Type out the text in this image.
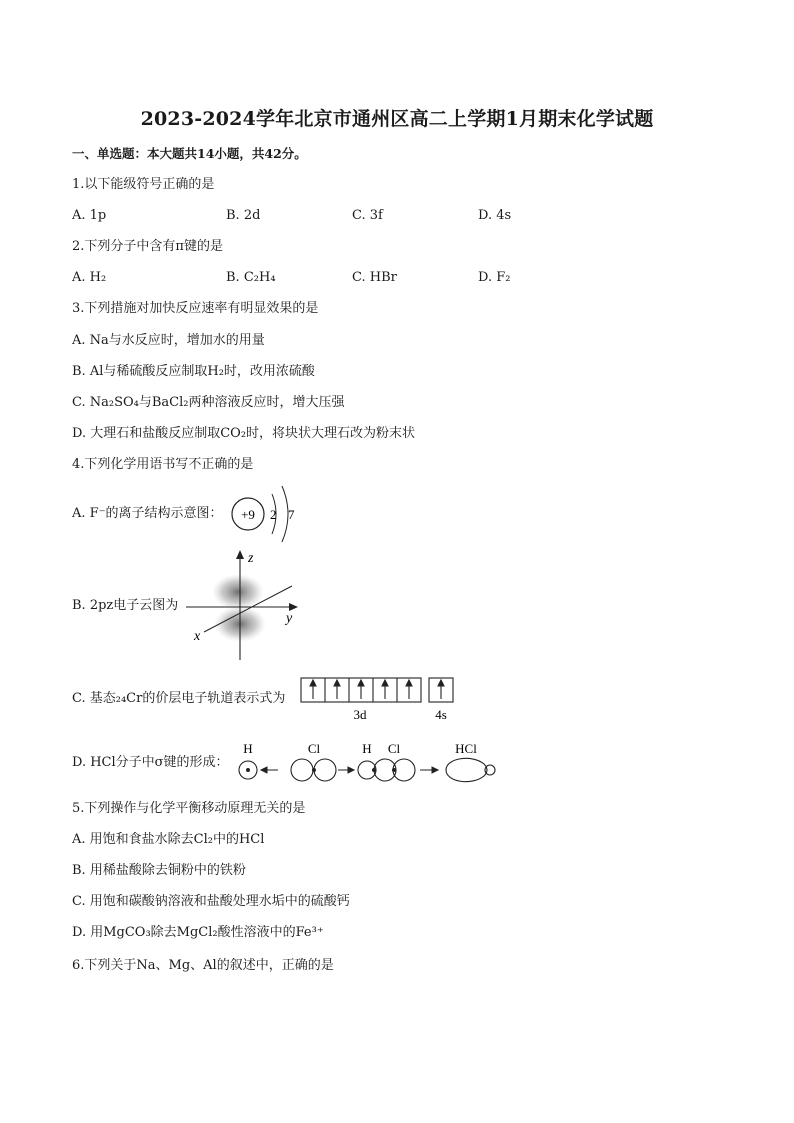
2023-2024学年北京市通州区高二上学期1月期末化学试题
一、单选题：本大题共14小题，共42分。
1.以下能级符号正确的是
A. 1p	B. 2d	C. 3f	D. 4s
2.下列分子中含有π键的是
A. H₂	B. C₂H₄	C. HBr	D. F₂
3.下列措施对加快反应速率有明显效果的是
A. Na与水反应时，增加水的用量
B. Al与稀硫酸反应制取H₂时，改用浓硫酸
C. Na₂SO₄与BaCl₂两种溶液反应时，增大压强
D. 大理石和盐酸反应制取CO₂时，将块状大理石改为粉末状
4.下列化学用语书写不正确的是
A. F⁻的离子结构示意图： +9 2 7
B. 2pz电子云图为
z
y
x
C. 基态₂₄Cr的价层电子轨道表示式为
3d	4s
D. HCl分子中σ键的形成：
H	Cl	H Cl	HCl
5.下列操作与化学平衡移动原理无关的是
A. 用饱和食盐水除去Cl₂中的HCl
B. 用稀盐酸除去铜粉中的铁粉
C. 用饱和碳酸钠溶液和盐酸处理水垢中的硫酸钙
D. 用MgCO₃除去MgCl₂酸性溶液中的Fe³⁺
6.下列关于Na、Mg、Al的叙述中，正确的是
